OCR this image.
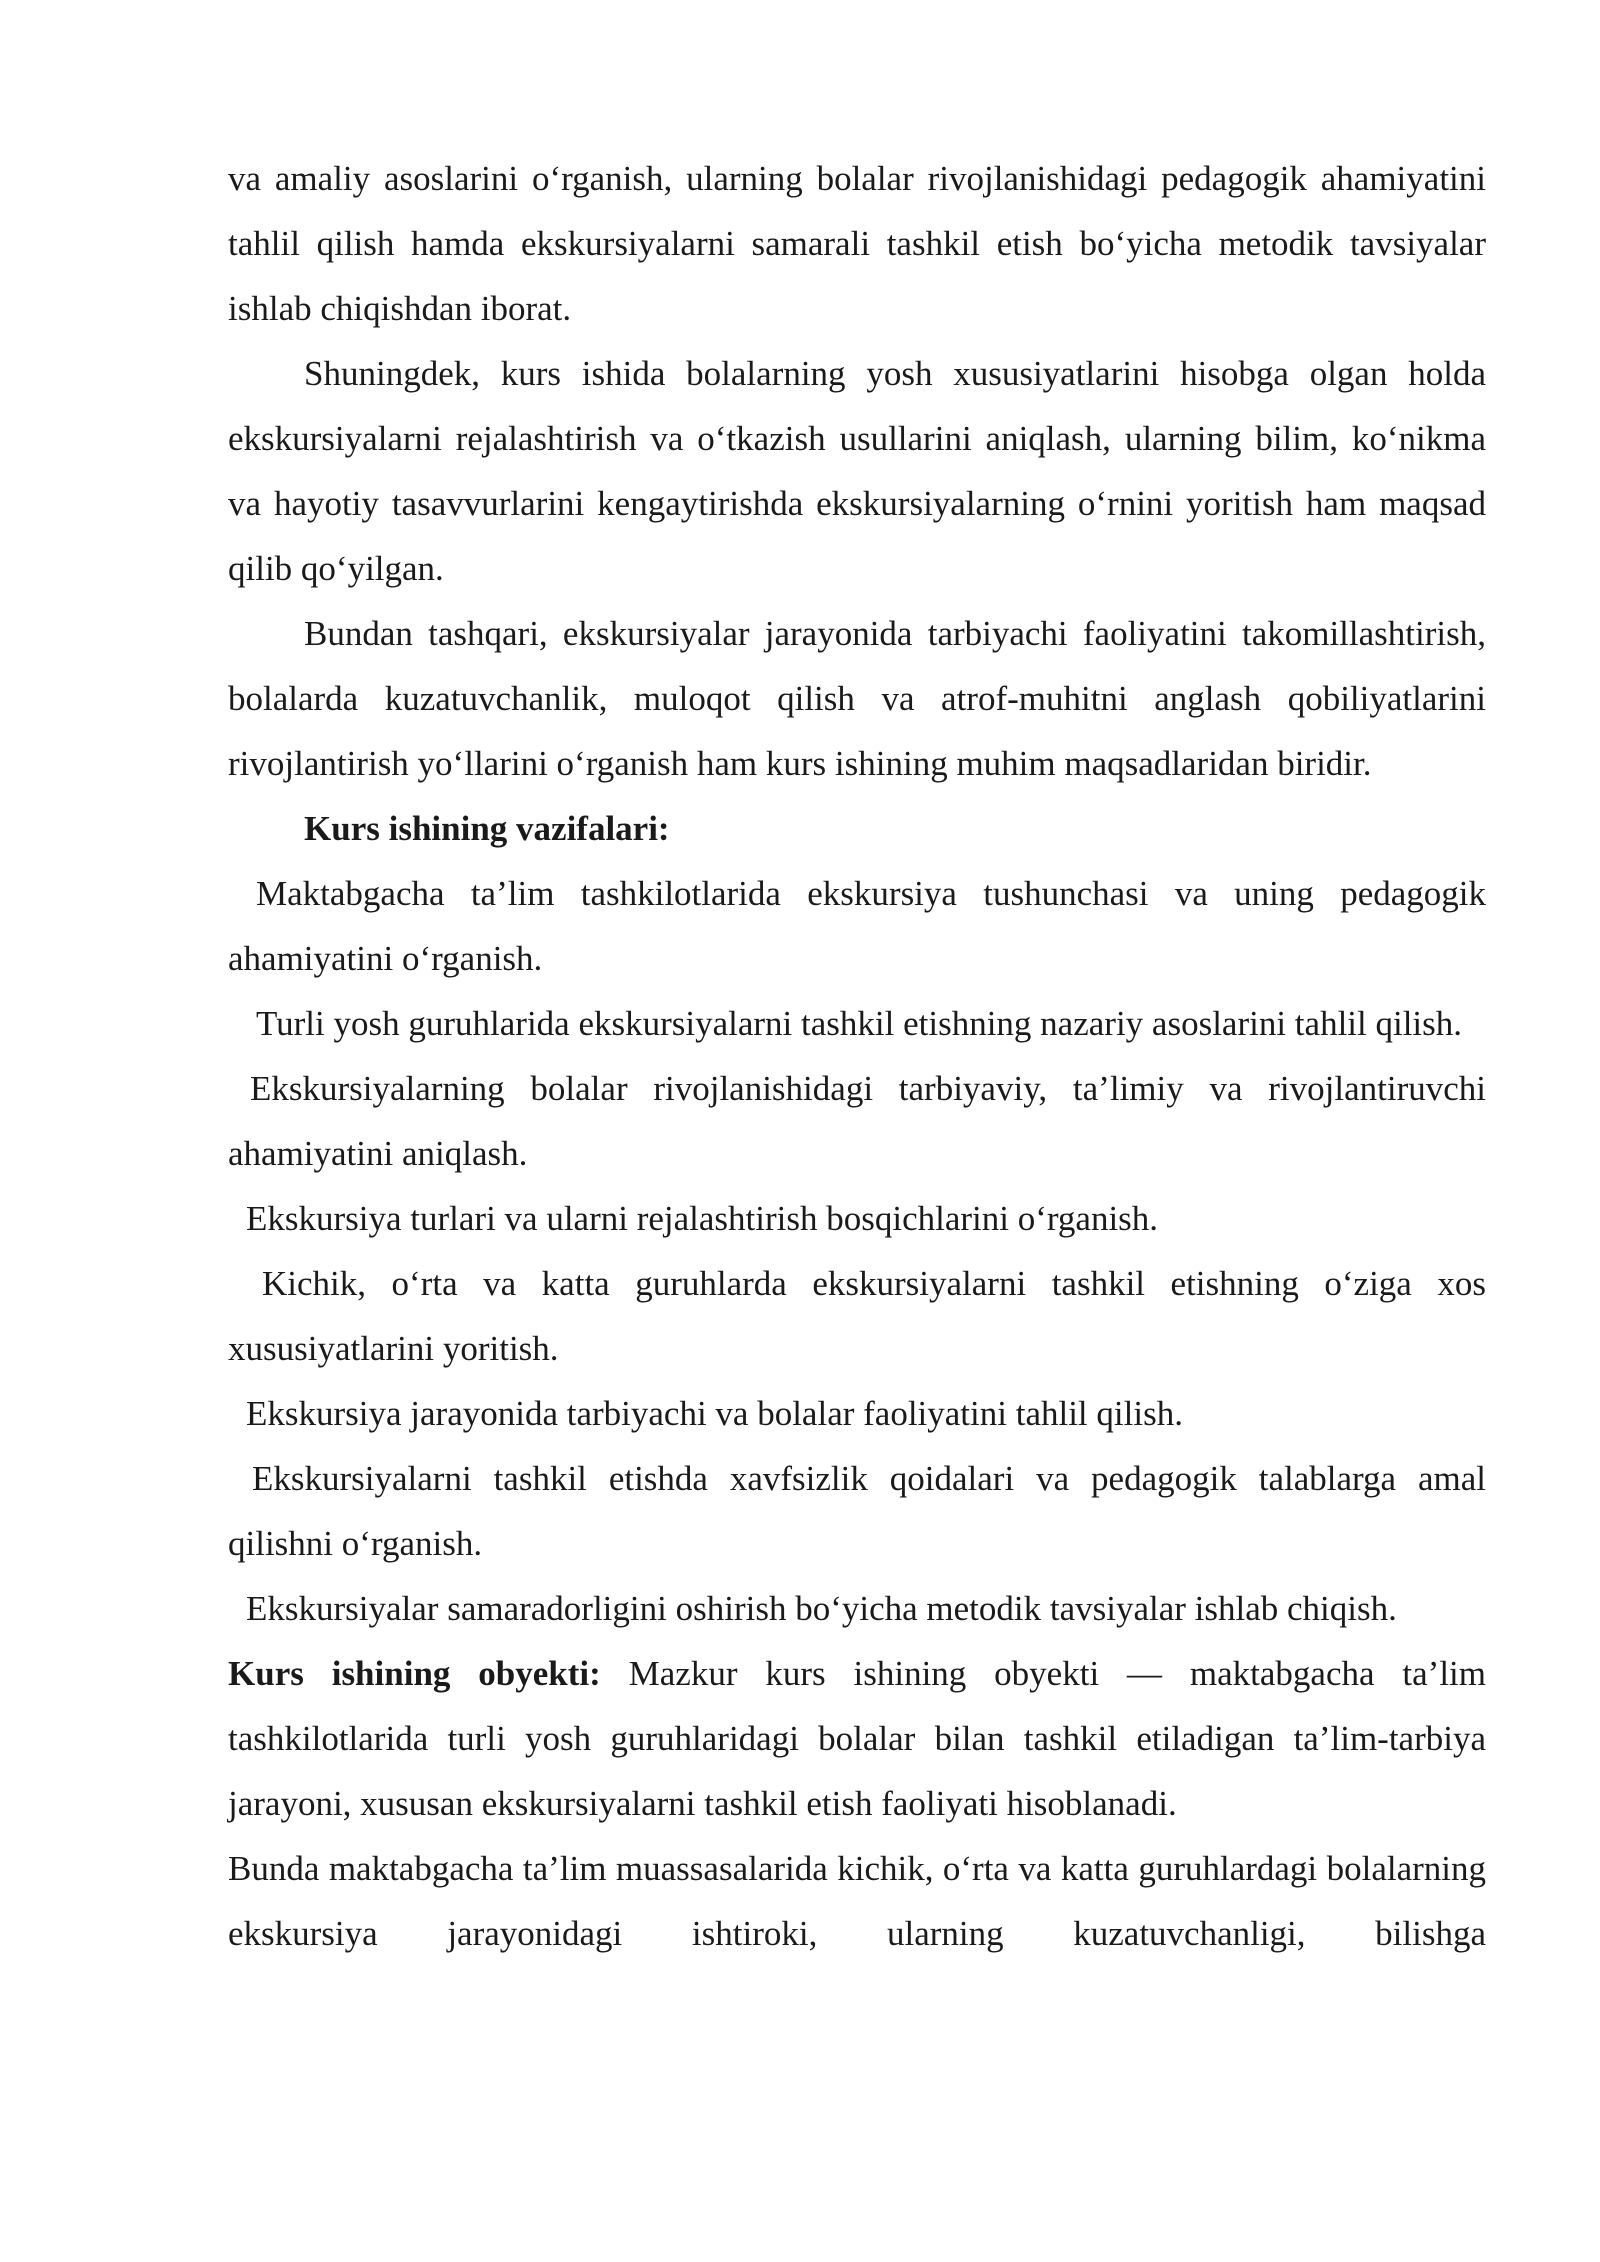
va amaliy asoslarini o‘rganish, ularning bolalar rivojlanishidagi pedagogik ahamiyatini tahlil qilish hamda ekskursiyalarni samarali tashkil etish bo‘yicha metodik tavsiyalar ishlab chiqishdan iborat.

Shuningdek, kurs ishida bolalarning yosh xususiyatlarini hisobga olgan holda ekskursiyalarni rejalashtirish va o‘tkazish usullarini aniqlash, ularning bilim, ko‘nikma va hayotiy tasavvurlarini kengaytirishda ekskursiyalarning o‘rnini yoritish ham maqsad qilib qo‘yilgan.

Bundan tashqari, ekskursiyalar jarayonida tarbiyachi faoliyatini takomillashtirish, bolalarda kuzatuvchanlik, muloqot qilish va atrof-muhitni anglash qobiliyatlarini rivojlantirish yo‘llarini o‘rganish ham kurs ishining muhim maqsadlaridan biridir.

Kurs ishining vazifalari:

Maktabgacha ta’lim tashkilotlarida ekskursiya tushunchasi va uning pedagogik ahamiyatini o‘rganish.

Turli yosh guruhlarida ekskursiyalarni tashkil etishning nazariy asoslarini tahlil qilish.

Ekskursiyalarning bolalar rivojlanishidagi tarbiyaviy, ta’limiy va rivojlantiruvchi ahamiyatini aniqlash.

Ekskursiya turlari va ularni rejalashtirish bosqichlarini o‘rganish.

Kichik, o‘rta va katta guruhlarda ekskursiyalarni tashkil etishning o‘ziga xos xususiyatlarini yoritish.

Ekskursiya jarayonida tarbiyachi va bolalar faoliyatini tahlil qilish.

Ekskursiyalarni tashkil etishda xavfsizlik qoidalari va pedagogik talablarga amal qilishni o‘rganish.

Ekskursiyalar samaradorligini oshirish bo‘yicha metodik tavsiyalar ishlab chiqish.

Kurs ishining obyekti: Mazkur kurs ishining obyekti — maktabgacha ta’lim tashkilotlarida turli yosh guruhlaridagi bolalar bilan tashkil etiladigan ta’lim-tarbiya jarayoni, xususan ekskursiyalarni tashkil etish faoliyati hisoblanadi.

Bunda maktabgacha ta’lim muassasalarida kichik, o‘rta va katta guruhlardagi bolalarning ekskursiya jarayonidagi ishtiroki, ularning kuzatuvchanligi, bilishga
